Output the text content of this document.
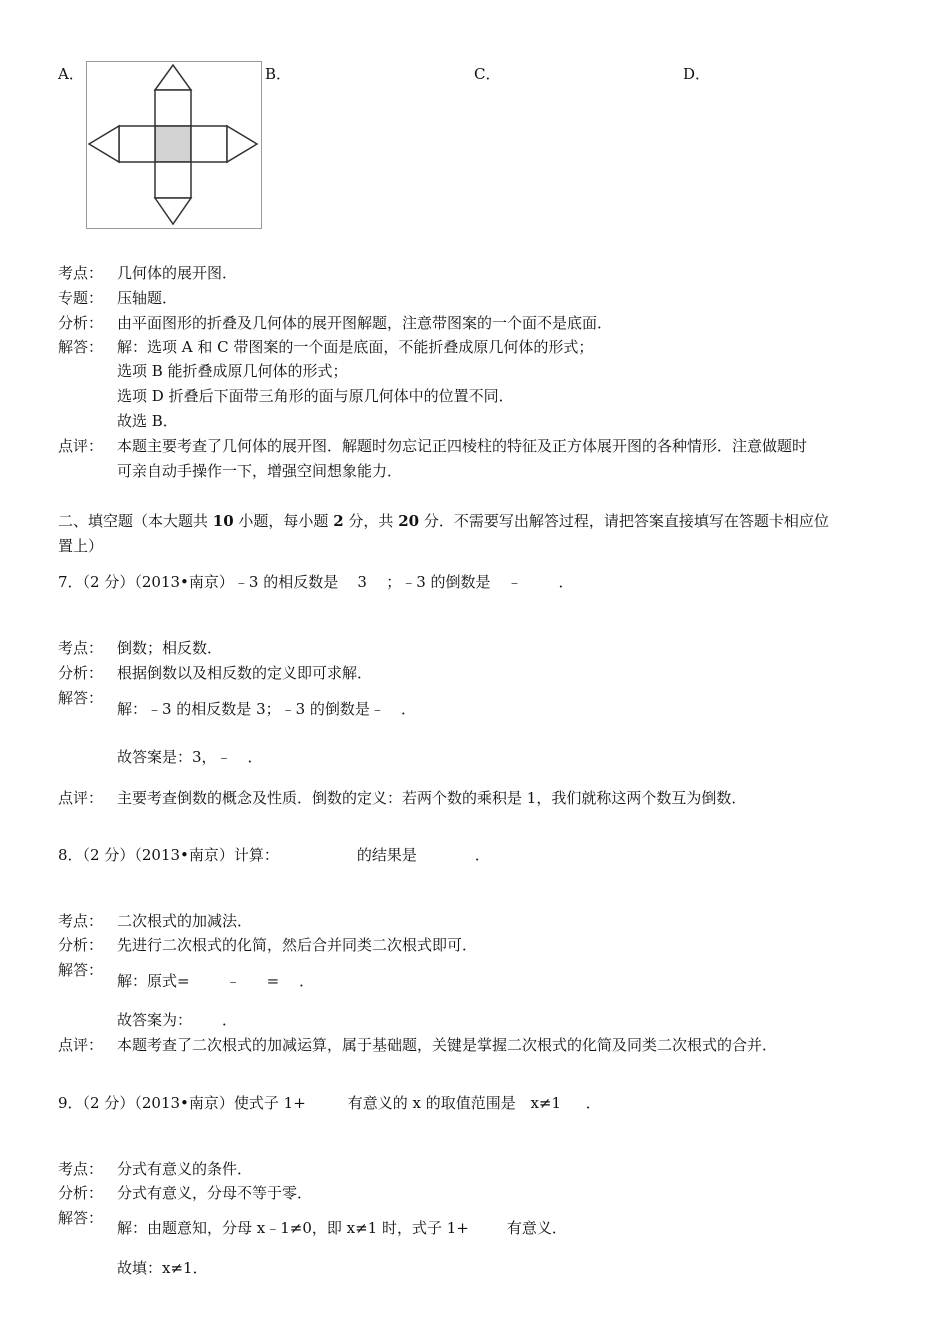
A．	B．	C．	D．
考点： 几何体的展开图．
专题： 压轴题．
分析： 由平面图形的折叠及几何体的展开图解题，注意带图案的一个面不是底面．
解答： 解：选项 A 和 C 带图案的一个面是底面，不能折叠成原几何体的形式；
选项 B 能折叠成原几何体的形式；
选项 D 折叠后下面带三角形的面与原几何体中的位置不同．
故选 B．
点评： 本题主要考查了几何体的展开图．解题时勿忘记正四棱柱的特征及正方体展开图的各种情形．注意做题时
可亲自动手操作一下，增强空间想象能力．
二、填空题（本大题共 10 小题，每小题 2 分，共 20 分．不需要写出解答过程，请把答案直接填写在答题卡相应位
置上）
7．（2 分）（2013•南京）﹣3 的相反数是 3 ；﹣3 的倒数是 ﹣ ．
考点： 倒数；相反数．
分析： 根据倒数以及相反数的定义即可求解．
解答：
解：﹣3 的相反数是 3；﹣3 的倒数是﹣ ．
故答案是：3，﹣ ．
点评： 主要考查倒数的概念及性质．倒数的定义：若两个数的乘积是 1，我们就称这两个数互为倒数．
8．（2 分）（2013•南京）计算：	的结果是	．
考点： 二次根式的加减法．
分析： 先进行二次根式的化简，然后合并同类二次根式即可．
解答：
解：原式= ﹣ = ．
故答案为： ．
点评： 本题考查了二次根式的加减运算，属于基础题，关键是掌握二次根式的化简及同类二次根式的合并．
9．（2 分）（2013•南京）使式子 1+	有意义的 x 的取值范围是 x≠1 ．
考点： 分式有意义的条件．
分析： 分式有意义，分母不等于零．
解答：
解：由题意知，分母 x﹣1≠0，即 x≠1 时，式子 1+	有意义．
故填：x≠1．
